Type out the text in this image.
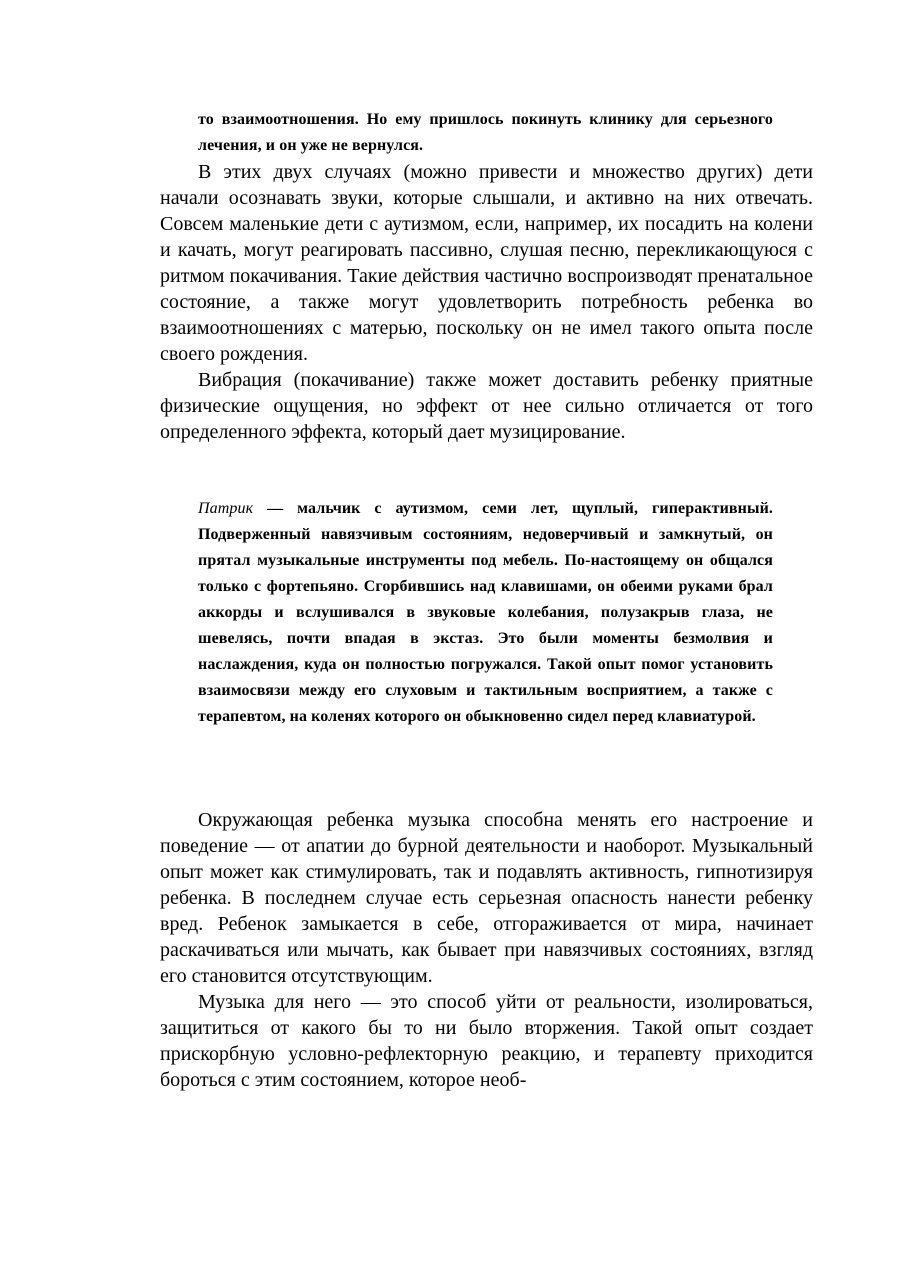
то взаимоотношения. Но ему пришлось покинуть клинику для серьезного лечения, и он уже не вернулся.

В этих двух случаях (можно привести и множество других) дети начали осознавать звуки, которые слышали, и активно на них отвечать. Совсем маленькие дети с аутизмом, если, например, их посадить на колени и качать, могут реагировать пассивно, слушая песню, перекликающуюся с ритмом покачивания. Такие действия частично воспроизводят пренатальное состояние, а также могут удовлетворить потребность ребенка во взаимоотношениях с матерью, поскольку он не имел такого опыта после своего рождения.

Вибрация (покачивание) также может доставить ребенку приятные физические ощущения, но эффект от нее сильно отличается от того определенного эффекта, который дает музицирование.

Патрик — мальчик с аутизмом, семи лет, щуплый, гиперактивный. Подверженный навязчивым состояниям, недоверчивый и замкнутый, он прятал музыкальные инструменты под мебель. По-настоящему он общался только с фортепьяно. Сгорбившись над клавишами, он обеими руками брал аккорды и вслушивался в звуковые колебания, полузакрыв глаза, не шевелясь, почти впадая в экстаз. Это были моменты безмолвия и наслаждения, куда он полностью погружался. Такой опыт помог установить взаимосвязи между его слуховым и тактильным восприятием, а также с терапевтом, на коленях которого он обыкновенно сидел перед клавиатурой.

Окружающая ребенка музыка способна менять его настроение и поведение — от апатии до бурной деятельности и наоборот. Музыкальный опыт может как стимулировать, так и подавлять активность, гипнотизируя ребенка. В последнем случае есть серьезная опасность нанести ребенку вред. Ребенок замыкается в себе, отгораживается от мира, начинает раскачиваться или мычать, как бывает при навязчивых состояниях, взгляд его становится отсутствующим.

Музыка для него — это способ уйти от реальности, изолироваться, защититься от какого бы то ни было вторжения. Такой опыт создает прискорбную условно-рефлекторную реакцию, и терапевту приходится бороться с этим состоянием, которое необ-
